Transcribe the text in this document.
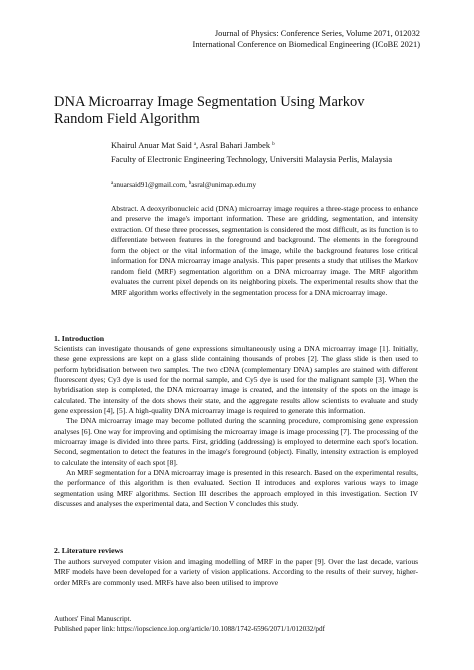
Journal of Physics: Conference Series, Volume 2071, 012032
International Conference on Biomedical Engineering (ICoBE 2021)
DNA Microarray Image Segmentation Using Markov Random Field Algorithm
Khairul Anuar Mat Said $^a$, Asral Bahari Jambek $^b$
Faculty of Electronic Engineering Technology, Universiti Malaysia Perlis, Malaysia
$^a$anuarsaid91@gmail.com, $^b$asral@unimap.edu.my
Abstract. A deoxyribonucleic acid (DNA) microarray image requires a three-stage process to enhance and preserve the image's important information. These are gridding, segmentation, and intensity extraction. Of these three processes, segmentation is considered the most difficult, as its function is to differentiate between features in the foreground and background. The elements in the foreground form the object or the vital information of the image, while the background features lose critical information for DNA microarray image analysis. This paper presents a study that utilises the Markov random field (MRF) segmentation algorithm on a DNA microarray image. The MRF algorithm evaluates the current pixel depends on its neighboring pixels. The experimental results show that the MRF algorithm works effectively in the segmentation process for a DNA microarray image.
1. Introduction

Scientists can investigate thousands of gene expressions simultaneously using a DNA microarray image [1]. Initially, these gene expressions are kept on a glass slide containing thousands of probes [2]. The glass slide is then used to perform hybridisation between two samples. The two cDNA (complementary DNA) samples are stained with different fluorescent dyes; Cy3 dye is used for the normal sample, and Cy5 dye is used for the malignant sample [3]. When the hybridisation step is completed, the DNA microarray image is created, and the intensity of the spots on the image is calculated. The intensity of the dots shows their state, and the aggregate results allow scientists to evaluate and study gene expression [4], [5]. A high-quality DNA microarray image is required to generate this information.

The DNA microarray image may become polluted during the scanning procedure, compromising gene expression analyses [6]. One way for improving and optimising the microarray image is image processing [7]. The processing of the microarray image is divided into three parts. First, gridding (addressing) is employed to determine each spot's location. Second, segmentation to detect the features in the image's foreground (object). Finally, intensity extraction is employed to calculate the intensity of each spot [8].

An MRF segmentation for a DNA microarray image is presented in this research. Based on the experimental results, the performance of this algorithm is then evaluated. Section II introduces and explores various ways to image segmentation using MRF algorithms. Section III describes the approach employed in this investigation. Section IV discusses and analyses the experimental data, and Section V concludes this study.

2. Literature reviews

The authors surveyed computer vision and imaging modelling of MRF in the paper [9]. Over the last decade, various MRF models have been developed for a variety of vision applications. According to the results of their survey, higher-order MRFs are commonly used. MRFs have also been utilised to improve

Authors' Final Manuscript.
Published paper link: https://iopscience.iop.org/article/10.1088/1742-6596/2071/1/012032/pdf
